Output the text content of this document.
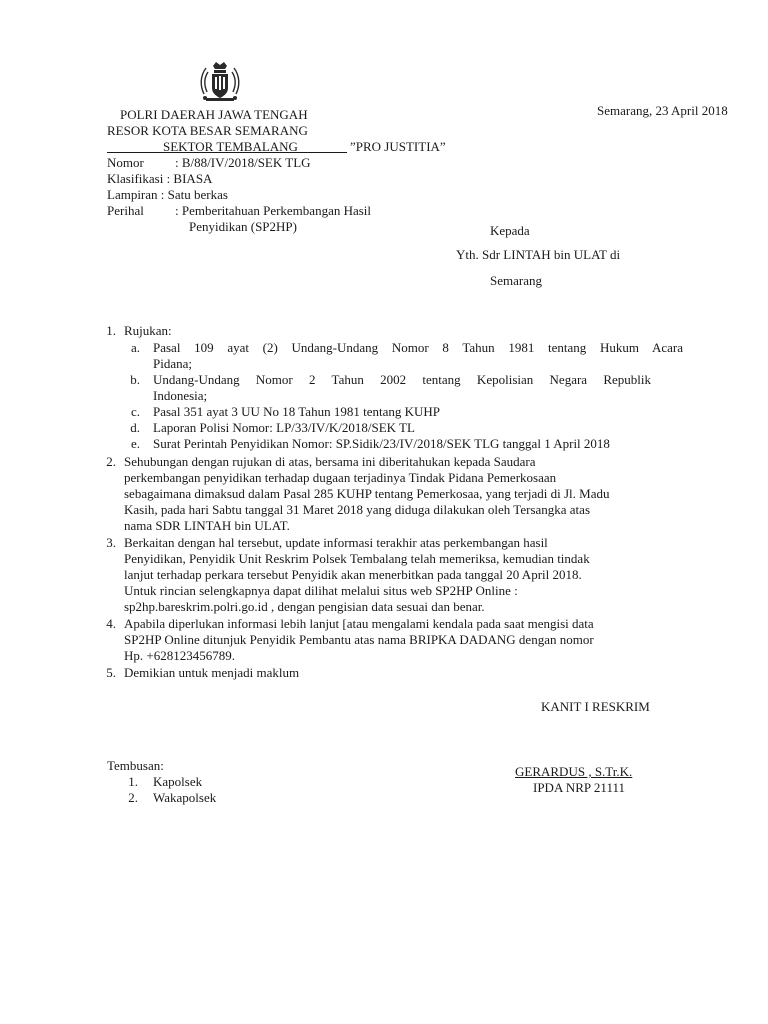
POLRI DAERAH JAWA TENGAH
RESOR KOTA BESAR SEMARANG
SEKTOR TEMBALANG	”PRO JUSTITIA”
Semarang, 23 April 2018
Nomor : B/88/IV/2018/SEK TLG
Klasifikasi : BIASA
Lampiran : Satu berkas
Perihal : Pemberitahuan Perkembangan Hasil
Penyidikan (SP2HP)	Kepada
Yth. Sdr LINTAH bin ULAT di
Semarang
1. Rujukan:
a. Pasal 109 ayat (2) Undang-Undang Nomor 8 Tahun 1981 tentang Hukum Acara
Pidana;
b. Undang-Undang Nomor 2 Tahun 2002 tentang Kepolisian Negara Republik
Indonesia;
c. Pasal 351 ayat 3 UU No 18 Tahun 1981 tentang KUHP
d. Laporan Polisi Nomor: LP/33/IV/K/2018/SEK TL
e. Surat Perintah Penyidikan Nomor: SP.Sidik/23/IV/2018/SEK TLG tanggal 1 April 2018
2. Sehubungan dengan rujukan di atas, bersama ini diberitahukan kepada Saudara
perkembangan penyidikan terhadap dugaan terjadinya Tindak Pidana Pemerkosaan
sebagaimana dimaksud dalam Pasal 285 KUHP tentang Pemerkosaa, yang terjadi di Jl. Madu
Kasih, pada hari Sabtu tanggal 31 Maret 2018 yang diduga dilakukan oleh Tersangka atas
nama SDR LINTAH bin ULAT.
3. Berkaitan dengan hal tersebut, update informasi terakhir atas perkembangan hasil
Penyidikan, Penyidik Unit Reskrim Polsek Tembalang telah memeriksa, kemudian tindak
lanjut terhadap perkara tersebut Penyidik akan menerbitkan pada tanggal 20 April 2018.
Untuk rincian selengkapnya dapat dilihat melalui situs web SP2HP Online :
sp2hp.bareskrim.polri.go.id , dengan pengisian data sesuai dan benar.
4. Apabila diperlukan informasi lebih lanjut [atau mengalami kendala pada saat mengisi data
SP2HP Online ditunjuk Penyidik Pembantu atas nama BRIPKA DADANG dengan nomor
Hp. +628123456789.
5. Demikian untuk menjadi maklum
KANIT I RESKRIM
GERARDUS , S.Tr.K.
IPDA NRP 21111
Tembusan:
1. Kapolsek
2. Wakapolsek
